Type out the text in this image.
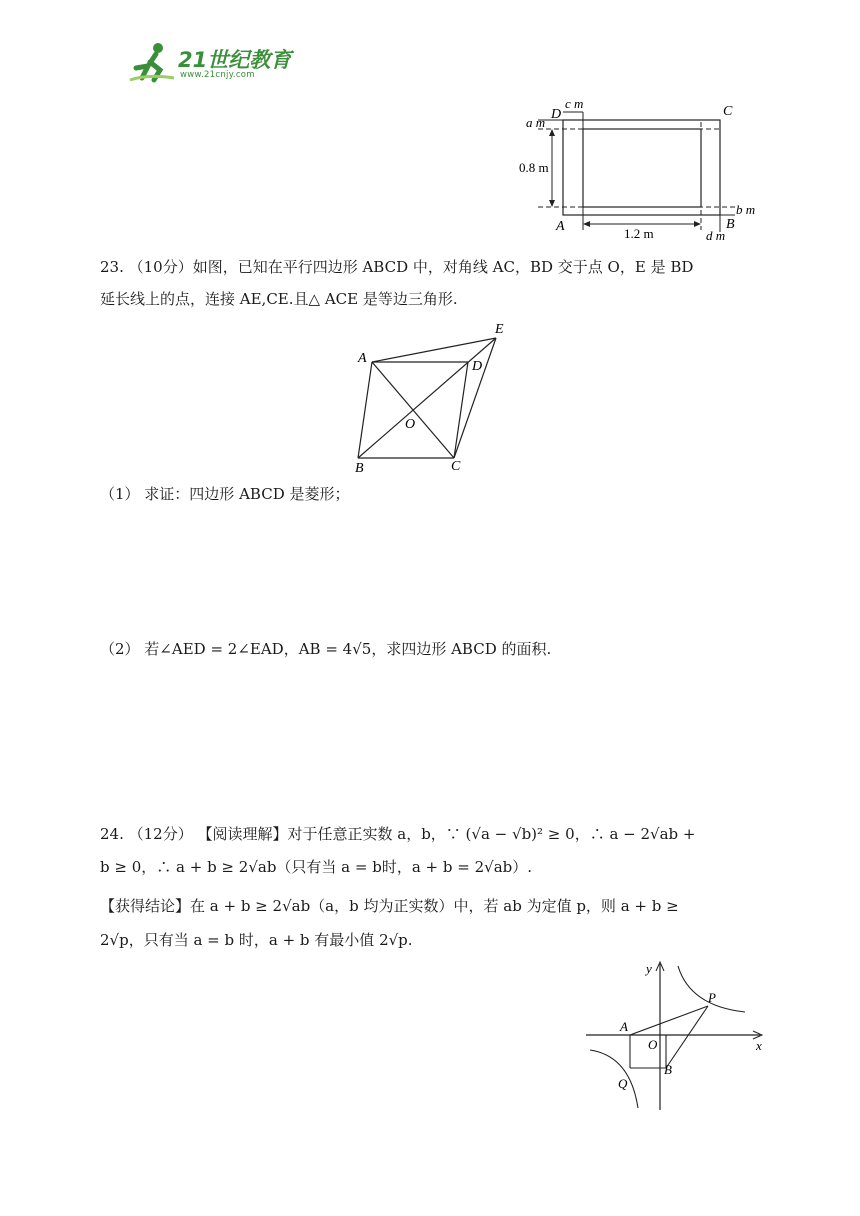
21世纪教育
www.21cnjy.com
D
c m
C
a m
0.8 m
A	1.2 m
b m
B
d m
23. （10分）如图，已知在平行四边形 ABCD 中，对角线 AC，BD 交于点 O，E 是 BD
延长线上的点，连接 AE,CE.且△ ACE 是等边三角形.
A
B	C
D
E
O
（1） 求证：四边形 ABCD 是菱形；
（2） 若∠AED = 2∠EAD，AB = 4√5，求四边形 ABCD 的面积.
24. （12分） 【阅读理解】对于任意正实数 a，b，∵ (√a − √b)² ≥ 0，∴ a − 2√ab +
b ≥ 0，∴ a + b ≥ 2√ab（只有当 a = b时，a + b = 2√ab）.
【获得结论】在 a + b ≥ 2√ab（a，b 均为正实数）中，若 ab 为定值 p，则 a + b ≥
2√p，只有当 a = b 时，a + b 有最小值 2√p.
y
x
O
A
B
P
Q
